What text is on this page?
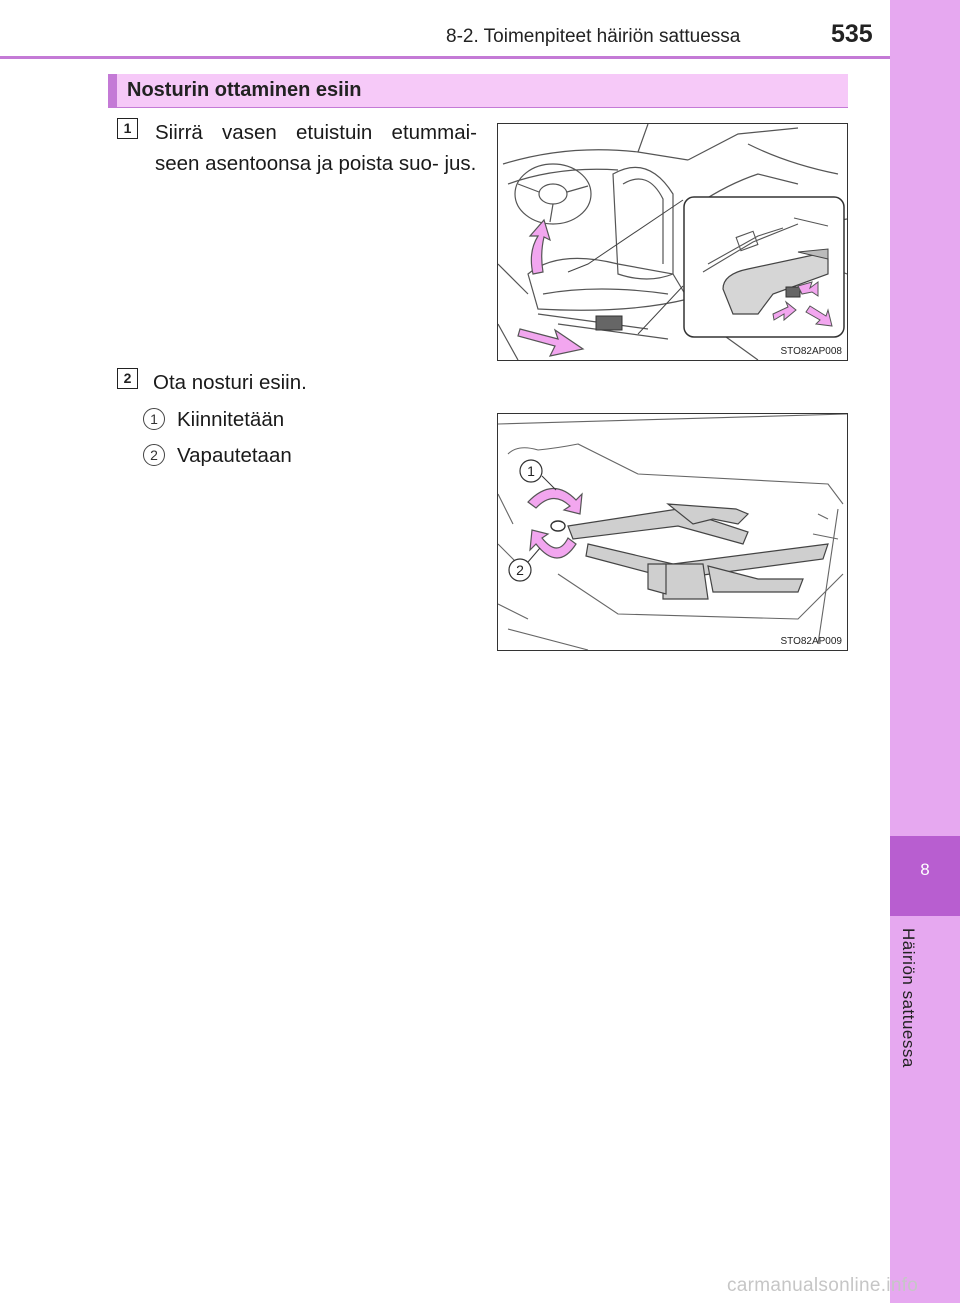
8-2. Toimenpiteet häiriön sattuessa	535
8
Häiriön sattuessa
Nosturin ottaminen esiin
1	Siirrä vasen etuistuin etummai- seen asentoonsa ja poista suo- jus.
2	Ota nosturi esiin.
1 Kiinnitetään
2 Vapautetaan
STO82AP008
1
2
STO82AP009
carmanualsonline.info
